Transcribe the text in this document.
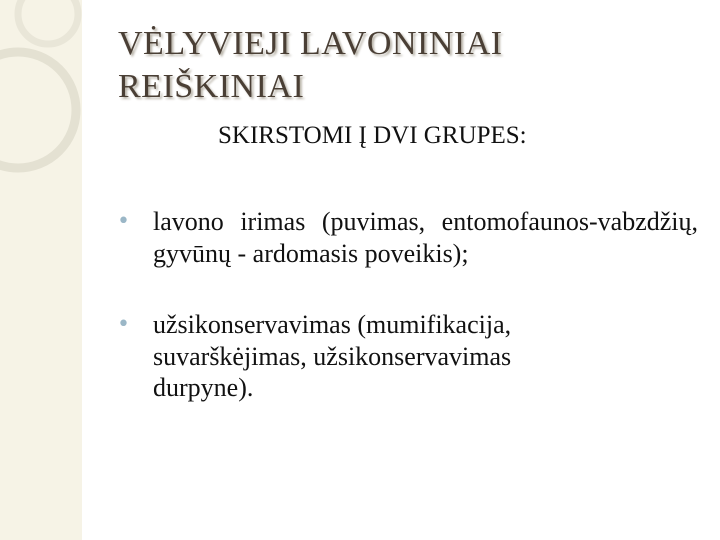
VĖLYVIEJI LAVONINIAI
REIŠKINIAI

SKIRSTOMI Į DVI GRUPES:

• lavono irimas (puvimas, entomofaunos-vabzdžių, gyvūnų - ardomasis poveikis);
• užsikonservavimas (mumifikacija, suvarškėjimas, užsikonservavimas durpyne).
